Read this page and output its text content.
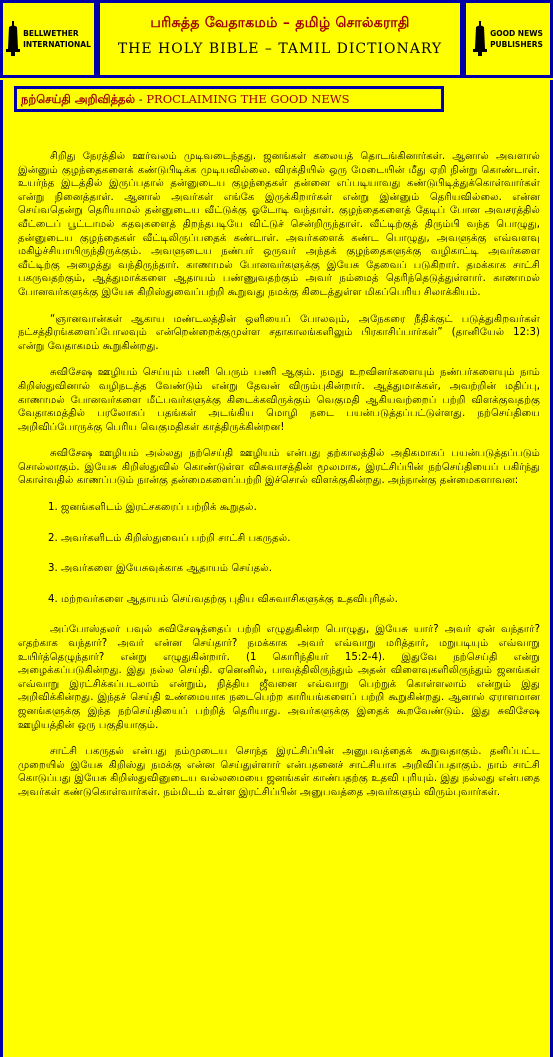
BELLWETHER
INTERNATIONAL
பரிசுத்த வேதாகமம் – தமிழ் சொல்கராதி
THE HOLY BIBLE – TAMIL DICTIONARY
GOOD NEWS
PUBLISHERS
நற்செய்தி அறிவித்தல் - PROCLAIMING THE GOOD NEWS

சிறிது நேரத்தில் ஊர்வலம் முடிவடைந்தது. ஜனங்கள் கலையத் தொடங்கினார்கள். ஆனால் அவளால் இன்னும் குழந்தைகளைக் கண்டுபிடிக்க முடியவில்லை. விரக்தியில் ஒரு மேடையின் மீது ஏறி நின்று கொண்டாள். உயர்ந்த இடத்தில் இருப்பதால் தன்னுடைய குழந்தைகள் தன்னை எப்படியாவது கண்டுபிடித்துக்கொள்வார்கள் என்று நினைத்தாள். ஆனால் அவர்கள் எங்கே இருக்கிறார்கள் என்று இன்னும் தெரியவில்லை. என்ன செய்வதென்று தெரியாமல் தன்னுடைய வீட்டுக்கு ஓடோடி வந்தாள். குழந்தைகளைத் தேடிப் போன அவசரத்தில் வீட்டைப் பூட்டாமல் கதவுகளைத் திறந்தபடியே விட்டுச் சென்றிருந்தாள். வீட்டிற்குத் திரும்பி வந்த பொழுது, தன்னுடைய குழந்தைகள் வீட்டிலிருப்பதைக் கண்டாள். அவர்களைக் கண்ட பொழுது, அவளுக்கு எவ்வளவு மகிழ்ச்சியாயிருந்திருக்கும். அவளுடைய நண்பர் ஒருவர் அந்தக் குழந்தைகளுக்கு வழிகாட்டி அவர்களை வீட்டிற்கு அழைத்து வந்திருந்தார். காணாமல் போனவர்களுக்கு இயேசு தேவைப் படுகிறார். தமக்காக சாட்சி பகருவதற்கும், ஆத்துமாக்களை ஆதாயம் பண்ணுவதற்கும் அவர் நம்மைத் தெரிந்தெடுத்துள்ளார். காணாமல் போனவர்களுக்கு இயேசு கிறிஸ்துவைப்பற்றி கூறுவது நமக்கு கிடைத்துள்ள மிகப்பெரிய சிலாக்கியம்.

“ஞானவான்கள் ஆகாய மண்டலத்தின் ஒளியைப் போலவும், அநேகரை நீதிக்குட் படுத்துகிறவர்கள் நட்சத்திரங்களைப்போலவும் என்றென்றைக்குமுள்ள சதாகாலங்களிலும் பிரகாசிப்பார்கள்” (தானியேல் 12:3) என்று வேதாகமம் கூறுகின்றது.

சுவிசேஷ ஊழியம் செய்யும் பணி பெரும் பணி ஆகும். நமது உறவினர்களையும் நண்பர்களையும் நாம் கிறிஸ்துவினால் வழிநடத்த வேண்டும் என்று தேவன் விரும்புகின்றார். ஆத்துமாக்கள், அவற்றின் மதிப்பு, காணாமல் போனவர்களை மீட்பவர்களுக்கு கிடைக்கவிருக்கும் வெகுமதி ஆகியவற்றைப் பற்றி விளக்குவதற்கு வேதாகமத்தில் பரலோகப் பதங்கள் அடங்கிய மொழி நடை பயன்படுத்தப்பட்டுள்ளது. நற்செய்தியை அறிவிப்போருக்கு பெரிய வெகுமதிகள் காத்திருக்கின்றன!

சுவிசேஷ ஊழியம் அல்லது நற்செய்தி ஊழியம் என்பது தற்காலத்தில் அதிகமாகப் பயன்படுத்தப்படும் சொல்லாகும். இயேசு கிறிஸ்துவில் கொண்டுள்ள விசுவாசத்தின் மூலமாக, இரட்சிப்பின் நற்செய்தியைப் பகிர்ந்து கொள்வதில் காணப்படும் நான்கு தன்மைகளைப்பற்றி இச்சொல் விளக்குகின்றது. அந்நான்கு தன்மைகளாவன:

1. ஜனங்களிடம் இரட்சகரைப் பற்றிக் கூறுதல்.
2. அவர்களிடம் கிறிஸ்துவைப் பற்றி சாட்சி பகருதல்.
3. அவர்களை இயேசுவுக்காக ஆதாயம் செய்தல்.
4. மற்றவர்களை ஆதாயம் செய்வதற்கு புதிய விசுவாசிகளுக்கு உதவிபுரிதல்.

அப்போஸ்தலர் பவுல் சுவிசேஷத்தைப் பற்றி எழுதுகின்ற பொழுது, இயேசு யார்? அவர் ஏன் வந்தார்? எதற்காக வந்தார்? அவர் என்ன செய்தார்? நமக்காக அவர் எவ்வாறு மரித்தார், மறுபடியும் எவ்வாறு உயிர்த்தெழுந்தார்? என்று எழுதுகின்றார். (1 கொரிந்தியர் 15:2-4). இதுவே நற்செய்தி என்று அழைக்கப்படுகின்றது. இது நல்ல செய்தி. ஏனெனில், பாவத்திலிருந்தும் அதன் விளைவுகளிலிருந்தும் ஜனங்கள் எவ்வாறு இரட்சிக்கப்படலாம் என்றும், நித்திய ஜீவனை எவ்வாறு பெற்றுக் கொள்ளலாம் என்றும் இது அறிவிக்கின்றது. இந்தச் செய்தி உண்மையாக நடைபெற்ற காரியங்களைப் பற்றி கூறுகின்றது. ஆனால் ஏராளமான ஜனங்களுக்கு இந்த நற்செய்தியைப் பற்றித் தெரியாது. அவர்களுக்கு இதைக் கூறவேண்டும். இது சுவிசேஷ ஊழியத்தின் ஒரு பகுதியாகும்.

சாட்சி பகருதல் என்பது நம்முடைய சொந்த இரட்சிப்பின் அனுபவத்தைக் கூறுவதாகும். தனிப்பட்ட முறையில் இயேசு கிறிஸ்து நமக்கு என்ன செய்துள்ளார் என்பதனைச் சாட்சியாக அறிவிப்பதாகும். நாம் சாட்சி கொடுப்பது இயேசு கிறிஸ்துவினுடைய வல்லமையை ஜனங்கள் காண்பதற்கு உதவி புரியும். இது நல்லது என்பதை அவர்கள் கண்டுகொள்வார்கள். நம்மிடம் உள்ள இரட்சிப்பின் அனுபவத்தை அவர்களும் விரும்புவார்கள்.
